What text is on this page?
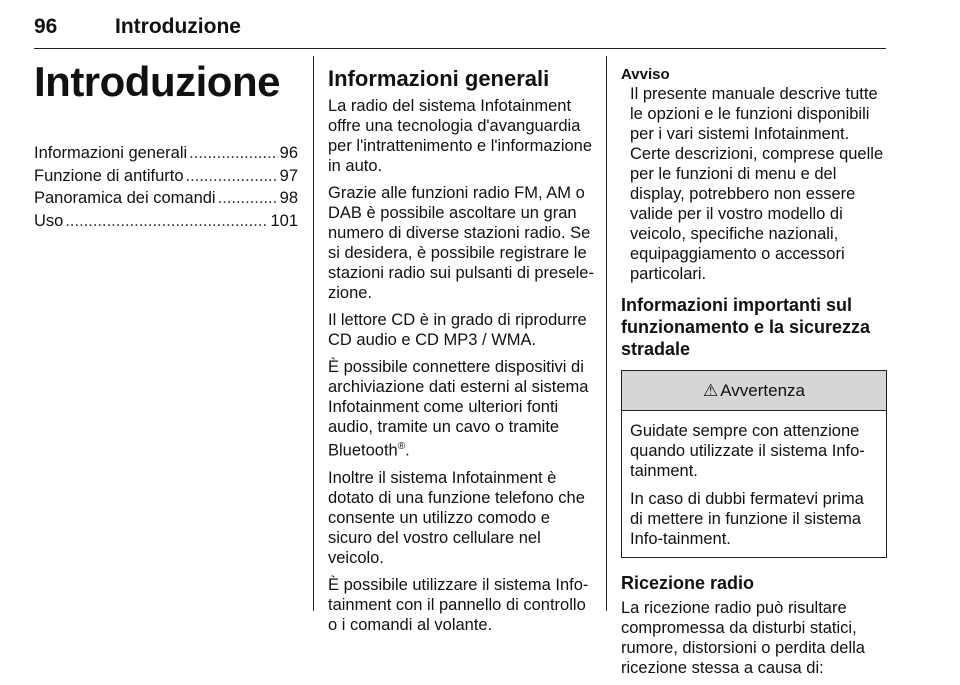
96	Introduzione
Introduzione
Informazioni generali .....	96
Funzione di antifurto .....	97
Panoramica dei comandi .....	98
Uso .....	101
Informazioni generali

La radio del sistema Infotainment offre una tecnologia d'avanguardia per l'intrattenimento e l'informazione in auto.

Grazie alle funzioni radio FM, AM o DAB è possibile ascoltare un gran numero di diverse stazioni radio. Se si desidera, è possibile registrare le stazioni radio sui pulsanti di presele-zione.

Il lettore CD è in grado di riprodurre CD audio e CD MP3 / WMA.

È possibile connettere dispositivi di archiviazione dati esterni al sistema Infotainment come ulteriori fonti audio, tramite un cavo o tramite Bluetooth®.

Inoltre il sistema Infotainment è dotato di una funzione telefono che consente un utilizzo comodo e sicuro del vostro cellulare nel veicolo.

È possibile utilizzare il sistema Info-tainment con il pannello di controllo o i comandi al volante.

Avviso

Il presente manuale descrive tutte le opzioni e le funzioni disponibili per i vari sistemi Infotainment. Certe descrizioni, comprese quelle per le funzioni di menu e del display, potrebbero non essere valide per il vostro modello di veicolo, specifiche nazionali, equipaggiamento o accessori particolari.

Informazioni importanti sul funzionamento e la sicurezza stradale
⚠ Avvertenza

Guidate sempre con attenzione quando utilizzate il sistema Info-tainment.

In caso di dubbi fermatevi prima di mettere in funzione il sistema Info-tainment.

Ricezione radio

La ricezione radio può risultare compromessa da disturbi statici, rumore, distorsioni o perdita della ricezione stessa a causa di:
